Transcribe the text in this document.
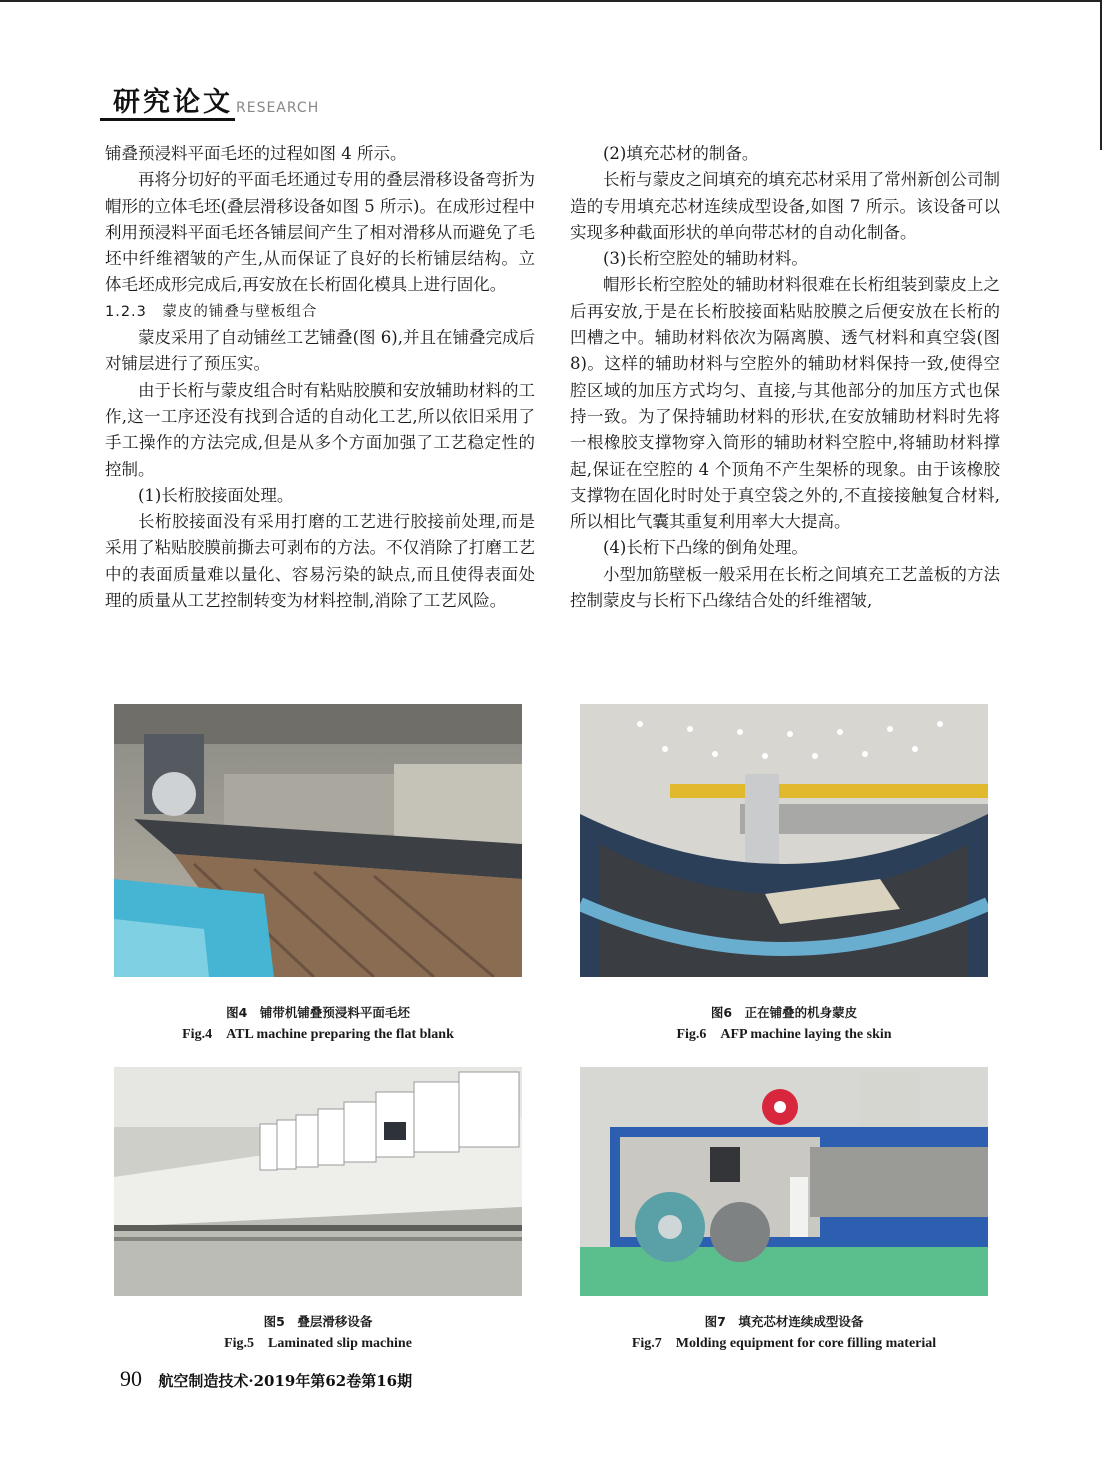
研究论文 RESEARCH

铺叠预浸料平面毛坯的过程如图 4 所示。

再将分切好的平面毛坯通过专用的叠层滑移设备弯折为帽形的立体毛坯(叠层滑移设备如图 5 所示)。在成形过程中利用预浸料平面毛坯各铺层间产生了相对滑移从而避免了毛坯中纤维褶皱的产生,从而保证了良好的长桁铺层结构。立体毛坯成形完成后,再安放在长桁固化模具上进行固化。

1.2.3　蒙皮的铺叠与壁板组合

蒙皮采用了自动铺丝工艺铺叠(图 6),并且在铺叠完成后对铺层进行了预压实。

由于长桁与蒙皮组合时有粘贴胶膜和安放辅助材料的工作,这一工序还没有找到合适的自动化工艺,所以依旧采用了手工操作的方法完成,但是从多个方面加强了工艺稳定性的控制。

(1)长桁胶接面处理。

长桁胶接面没有采用打磨的工艺进行胶接前处理,而是采用了粘贴胶膜前撕去可剥布的方法。不仅消除了打磨工艺中的表面质量难以量化、容易污染的缺点,而且使得表面处理的质量从工艺控制转变为材料控制,消除了工艺风险。

(2)填充芯材的制备。

长桁与蒙皮之间填充的填充芯材采用了常州新创公司制造的专用填充芯材连续成型设备,如图 7 所示。该设备可以实现多种截面形状的单向带芯材的自动化制备。

(3)长桁空腔处的辅助材料。

帽形长桁空腔处的辅助材料很难在长桁组装到蒙皮上之后再安放,于是在长桁胶接面粘贴胶膜之后便安放在长桁的凹槽之中。辅助材料依次为隔离膜、透气材料和真空袋(图 8)。这样的辅助材料与空腔外的辅助材料保持一致,使得空腔区域的加压方式均匀、直接,与其他部分的加压方式也保持一致。为了保持辅助材料的形状,在安放辅助材料时先将一根橡胶支撑物穿入筒形的辅助材料空腔中,将辅助材料撑起,保证在空腔的 4 个顶角不产生架桥的现象。由于该橡胶支撑物在固化时时处于真空袋之外的,不直接接触复合材料,所以相比气囊其重复利用率大大提高。

(4)长桁下凸缘的倒角处理。

小型加筋壁板一般采用在长桁之间填充工艺盖板的方法控制蒙皮与长桁下凸缘结合处的纤维褶皱,

图4　铺带机铺叠预浸料平面毛坯
Fig.4　ATL machine preparing the flat blank
图6　正在铺叠的机身蒙皮
Fig.6　AFP machine laying the skin
图5　叠层滑移设备
Fig.5　Laminated slip machine
图7　填充芯材连续成型设备
Fig.7　Molding equipment for core filling material
90 航空制造技术·2019年第62卷第16期
